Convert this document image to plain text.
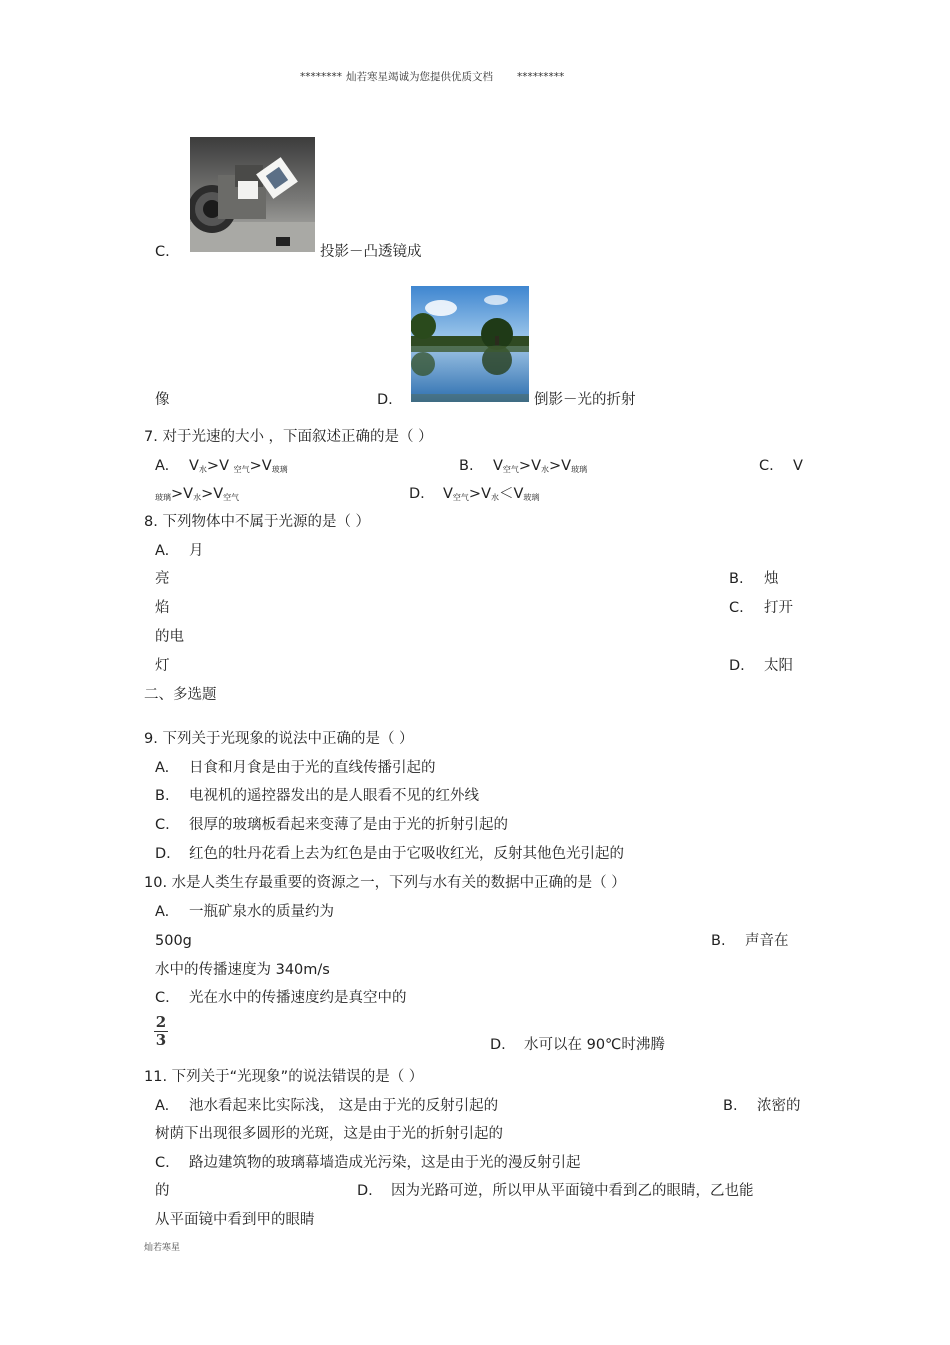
******** 灿若寒星竭诚为您提供优质文档 *********
C.	投影－凸透镜成
像	D.	倒影－光的折射
7. 对于光速的大小 ，下面叙述正确的是（ ）
A. $V_水>V$ $_{空气}>V_{玻璃}$	B. $V_{空气}>V_水>V_{玻璃}$	C. V
$_{玻璃}>V_水>V_{空气}$	D. $V_{空气}>V_水<V_{玻璃}$
8. 下列物体中不属于光源的是（ ）
A. 月
亮	B. 烛
焰	C. 打开
的电
灯	D. 太阳
二、多选题
9. 下列关于光现象的说法中正确的是（ ）
A. 日食和月食是由于光的直线传播引起的
B. 电视机的遥控器发出的是人眼看不见的红外线
C. 很厚的玻璃板看起来变薄了是由于光的折射引起的
D. 红色的牡丹花看上去为红色是由于它吸收红光，反射其他色光引起的
10. 水是人类生存最重要的资源之一，下列与水有关的数据中正确的是（ ）
A. 一瓶矿泉水的质量约为
500g	B. 声音在
水中的传播速度为 340m/s
C. 光在水中的传播速度约是真空中的
2
3	D. 水可以在 90℃时沸腾
11. 下列关于“光现象”的说法错误的是（ ）
A. 池水看起来比实际浅， 这是由于光的反射引起的	B. 浓密的
树荫下出现很多圆形的光斑，这是由于光的折射引起的
C. 路边建筑物的玻璃幕墙造成光污染，这是由于光的漫反射引起
的	D. 因为光路可逆，所以甲从平面镜中看到乙的眼睛，乙也能
从平面镜中看到甲的眼睛
灿若寒星
